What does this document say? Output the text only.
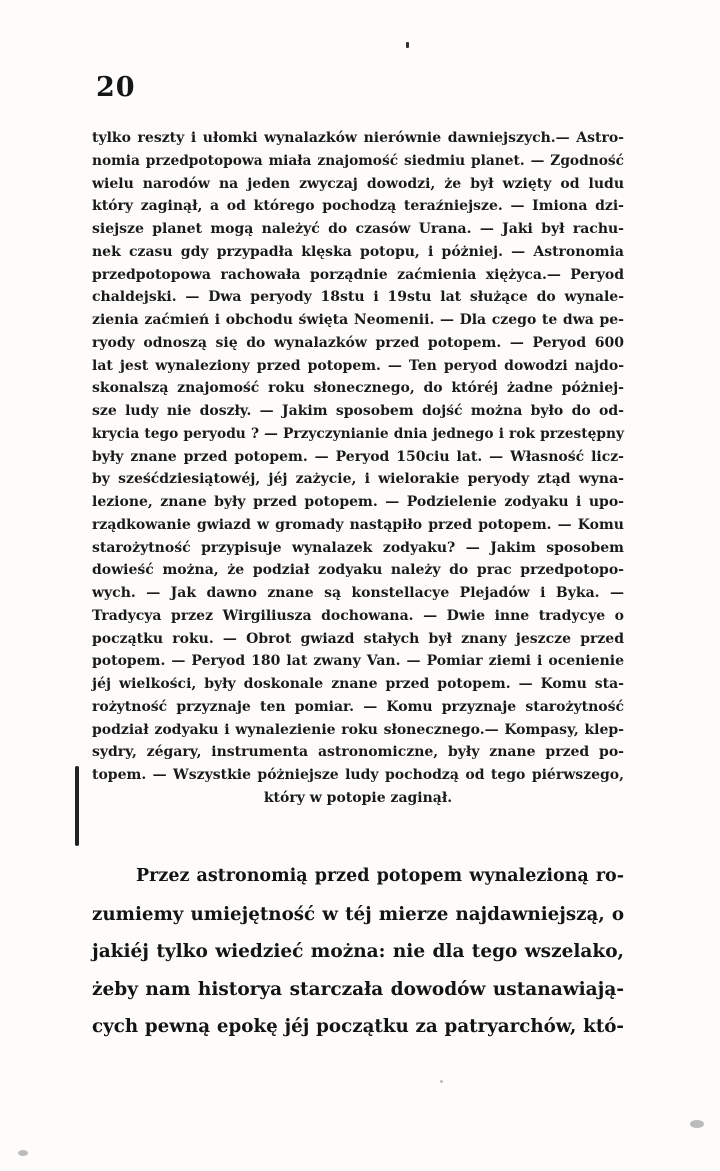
20
tylko reszty i ułomki wynalazków nierównie dawniejszych.— Astro-
nomia przedpotopowa miała znajomość siedmiu planet. — Zgodność
wielu narodów na jeden zwyczaj dowodzi, że był wzięty od ludu
który zaginął, a od którego pochodzą teraźniejsze. — Imiona dzi-
siejsze planet mogą należyć do czasów Urana. — Jaki był rachu-
nek czasu gdy przypadła klęska potopu, i póżniej. — Astronomia
przedpotopowa rachowała porządnie zaćmienia xiężyca.— Peryod
chaldejski. — Dwa peryody 18stu i 19stu lat służące do wynale-
zienia zaćmień i obchodu święta Neomenii. — Dla czego te dwa pe-
ryody odnoszą się do wynalazków przed potopem. — Peryod 600
lat jest wynaleziony przed potopem. — Ten peryod dowodzi najdo-
skonalszą znajomość roku słonecznego, do któréj żadne póżniej-
sze ludy nie doszły. — Jakim sposobem dojść można było do od-
krycia tego peryodu ? — Przyczynianie dnia jednego i rok przestępny
były znane przed potopem. — Peryod 150ciu lat. — Własność licz-
by sześćdziesiątowéj, jéj zażycie, i wielorakie peryody ztąd wyna-
lezione, znane były przed potopem. — Podzielenie zodyaku i upo-
rządkowanie gwiazd w gromady nastąpiło przed potopem. — Komu
starożytność przypisuje wynalazek zodyaku? — Jakim sposobem
dowieść można, że podział zodyaku należy do prac przedpotopo-
wych. — Jak dawno znane są konstellacye Plejadów i Byka. —
Tradycya przez Wirgiliusza dochowana. — Dwie inne tradycye o
początku roku. — Obrot gwiazd stałych był znany jeszcze przed
potopem. — Peryod 180 lat zwany Van. — Pomiar ziemi i ocenienie
jéj wielkości, były doskonale znane przed potopem. — Komu sta-
rożytność przyznaje ten pomiar. — Komu przyznaje starożytność
podział zodyaku i wynalezienie roku słonecznego.— Kompasy, klep-
sydry, zégary, instrumenta astronomiczne, były znane przed po-
topem. — Wszystkie póżniejsze ludy pochodzą od tego piérwszego,
który w potopie zaginął.
Przez astronomią przed potopem wynalezioną ro-
zumiemy umiejętność w téj mierze najdawniejszą, o
jakiéj tylko wiedzieć można: nie dla tego wszelako,
żeby nam historya starczała dowodów ustanawiają-
cych pewną epokę jéj początku za patryarchów, któ-
